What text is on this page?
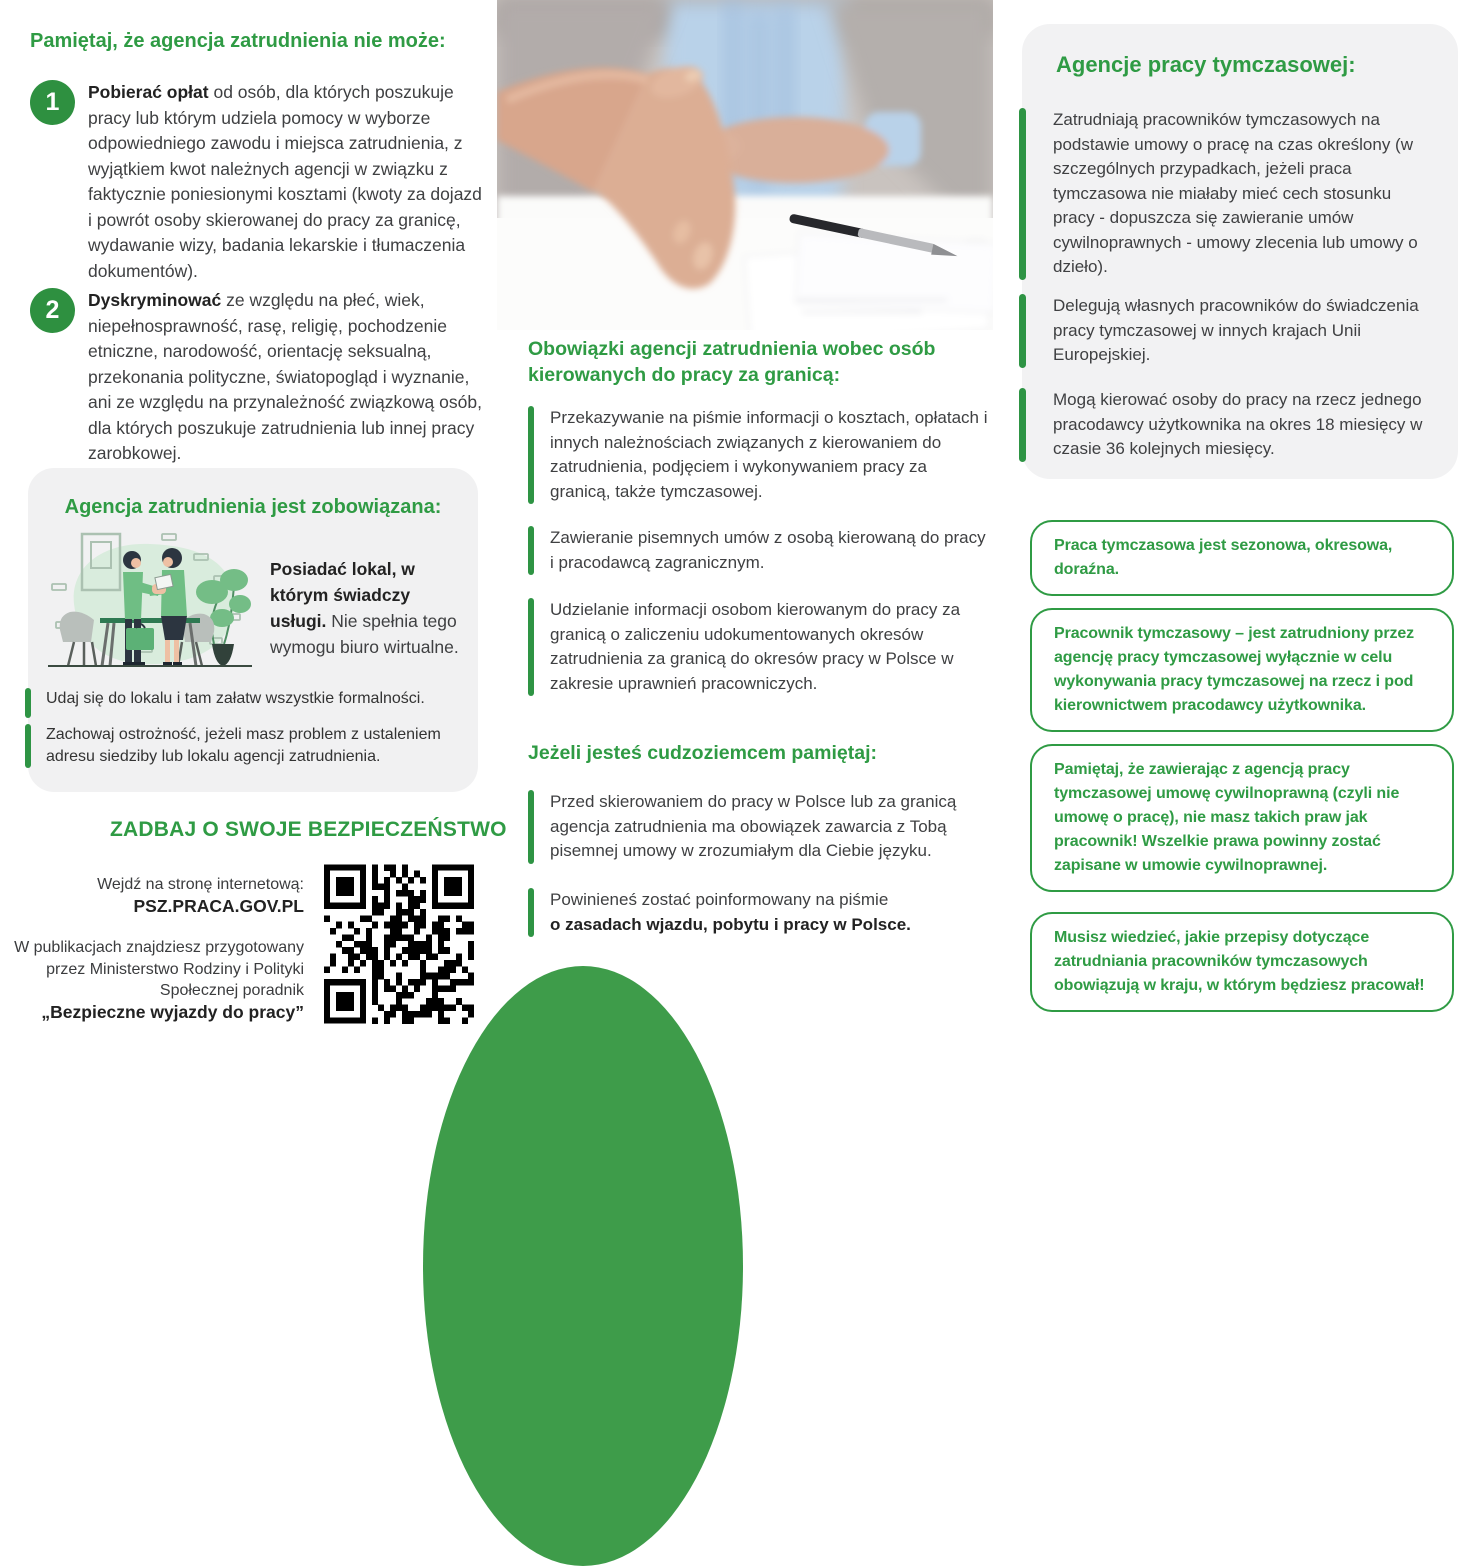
Pamiętaj, że agencja zatrudnienia nie może:
1	Pobierać opłat od osób, dla których poszukuje pracy lub którym udziela pomocy w wyborze odpowiedniego zawodu i miejsca zatrudnienia, z wyjątkiem kwot należnych agencji w związku z faktycznie poniesionymi kosztami (kwoty za dojazd i powrót osoby skierowanej do pracy za granicę, wydawanie wizy, badania lekarskie i tłumaczenia dokumentów).

2	Dyskryminować ze względu na płeć, wiek, niepełnosprawność, rasę, religię, pochodzenie etniczne, narodowość, orientację seksualną, przekonania polityczne, światopogląd i wyznanie, ani ze względu na przynależność związkową osób, dla których poszukuje zatrudnienia lub innej pracy zarobkowej.

Agencja zatrudnienia jest zobowiązana:

Posiadać lokal, w którym świadczy usługi. Nie spełnia tego wymogu biuro wirtualne.

Udaj się do lokalu i tam załatw wszystkie formalności.

Zachowaj ostrożność, jeżeli masz problem z ustaleniem adresu siedziby lub lokalu agencji zatrudnienia.

ZADBAJ O SWOJE BEZPIECZEŃSTWO

Wejdź na stronę internetową:

PSZ.PRACA.GOV.PL

W publikacjach znajdziesz przygotowany przez Ministerstwo Rodziny i Polityki Społecznej poradnik

„Bezpieczne wyjazdy do pracy”

Obowiązki agencji zatrudnienia wobec osób kierowanych do pracy za granicą:

Przekazywanie na piśmie informacji o kosztach, opłatach i innych należnościach związanych z kierowaniem do zatrudnienia, podjęciem i wykonywaniem pracy za granicą, także tymczasowej.

Zawieranie pisemnych umów z osobą kierowaną do pracy i pracodawcą zagranicznym.

Udzielanie informacji osobom kierowanym do pracy za granicą o zaliczeniu udokumentowanych okresów zatrudnienia za granicą do okresów pracy w Polsce w zakresie uprawnień pracowniczych.

Jeżeli jesteś cudzoziemcem pamiętaj:

Przed skierowaniem do pracy w Polsce lub za granicą agencja zatrudnienia ma obowiązek zawarcia z Tobą pisemnej umowy w zrozumiałym dla Ciebie języku.

Powinieneś zostać poinformowany na piśmie
o zasadach wjazdu, pobytu i pracy w Polsce.

Agencje pracy tymczasowej:

Zatrudniają pracowników tymczasowych na podstawie umowy o pracę na czas określony (w szczególnych przypadkach, jeżeli praca tymczasowa nie miałaby mieć cech stosunku pracy - dopuszcza się zawieranie umów cywilnoprawnych - umowy zlecenia lub umowy o dzieło).

Delegują własnych pracowników do świadczenia pracy tymczasowej w innych krajach Unii Europejskiej.

Mogą kierować osoby do pracy na rzecz jednego pracodawcy użytkownika na okres 18 miesięcy w czasie 36 kolejnych miesięcy.

Praca tymczasowa jest sezonowa, okresowa, doraźna.
Pracownik tymczasowy – jest zatrudniony przez agencję pracy tymczasowej wyłącznie w celu wykonywania pracy tymczasowej na rzecz i pod kierownictwem pracodawcy użytkownika.
Pamiętaj, że zawierając z agencją pracy tymczasowej umowę cywilnoprawną (czyli nie umowę o pracę), nie masz takich praw jak pracownik! Wszelkie prawa powinny zostać zapisane w umowie cywilnoprawnej.
Musisz wiedzieć, jakie przepisy dotyczące zatrudniania pracowników tymczasowych obowiązują w kraju, w którym będziesz pracował!
